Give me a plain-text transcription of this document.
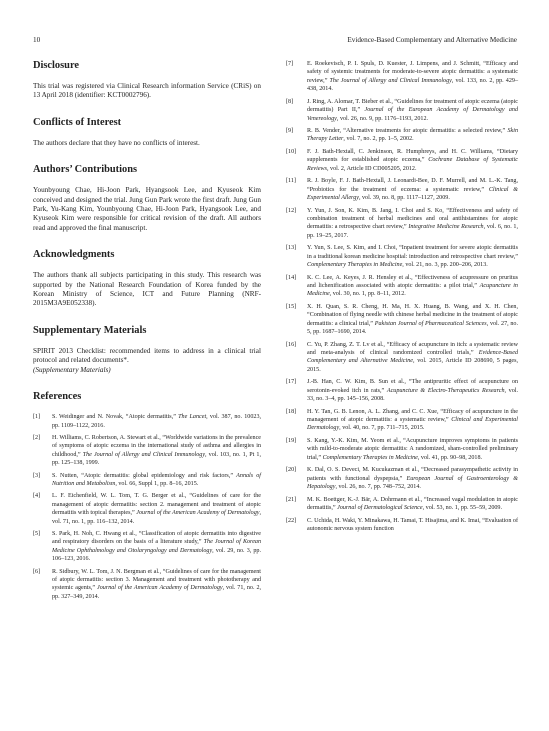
10	Evidence-Based Complementary and Alternative Medicine
Disclosure

This trial was registered via Clinical Research information Service (CRiS) on 13 April 2018 (identifier: KCT0002796).

Conflicts of Interest

The authors declare that they have no conflicts of interest.

Authors’ Contributions

Younbyoung Chae, Hi-Joon Park, Hyangsook Lee, and Kyuseok Kim conceived and designed the trial. Jung Gun Park wrote the first draft. Jung Gun Park, Yu-Kang Kim, Younbyoung Chae, Hi-Joon Park, Hyangsook Lee, and Kyuseok Kim were responsible for critical revision of the draft. All authors read and approved the final manuscript.

Acknowledgments

The authors thank all subjects participating in this study. This research was supported by the National Research Foundation of Korea funded by the Korean Ministry of Science, ICT and Future Planning (NRF-2015M3A9E052338).

Supplementary Materials

SPIRIT 2013 Checklist: recommended items to address in a clinical trial protocol and related documents*.
(Supplementary Materials)

References

[1] S. Weidinger and N. Novak, “Atopic dermatitis,” The Lancet, vol. 387, no. 10023, pp. 1109–1122, 2016.

[2] H. Williams, C. Robertson, A. Stewart et al., “Worldwide variations in the prevalence of symptoms of atopic eczema in the international study of asthma and allergies in childhood,” The Journal of Allergy and Clinical Immunology, vol. 103, no. 1, Pt 1, pp. 125–138, 1999.

[3] S. Nutten, “Atopic dermatitis: global epidemiology and risk factors,” Annals of Nutrition and Metabolism, vol. 66, Suppl 1, pp. 8–16, 2015.

[4] L. F. Eichenfield, W. L. Tom, T. G. Berger et al., “Guidelines of care for the management of atopic dermatitis: section 2. management and treatment of atopic dermatitis with topical therapies,” Journal of the American Academy of Dermatology, vol. 71, no. 1, pp. 116–132, 2014.

[5] S. Park, H. Noh, C. Hwang et al., “Classification of atopic dermatitis into digestive and respiratory disorders on the basis of a literature study,” The Journal of Korean Medicine Ophthalmology and Otolaryngology and Dermatology, vol. 29, no. 3, pp. 106–123, 2016.

[6] R. Sidbury, W. L. Tom, J. N. Bergman et al., “Guidelines of care for the management of atopic dermatitis: section 3. Management and treatment with phototherapy and systemic agents,” Journal of the American Academy of Dermatology, vol. 71, no. 2, pp. 327–349, 2014.

[7] E. Roekevisch, P. I. Spuls, D. Kuester, J. Limpens, and J. Schmitt, “Efficacy and safety of systemic treatments for moderate-to-severe atopic dermatitis: a systematic review,” The Journal of Allergy and Clinical Immunology, vol. 133, no. 2, pp. 429–438, 2014.

[8] J. Ring, A. Alomar, T. Bieber et al., “Guidelines for treatment of atopic eczema (atopic dermatitis) Part II,” Journal of the European Academy of Dermatology and Venereology, vol. 26, no. 9, pp. 1176–1193, 2012.

[9] R. B. Vender, “Alternative treatments for atopic dermatitis: a selected review,” Skin Therapy Letter, vol. 7, no. 2, pp. 1–5, 2002.

[10] F. J. Bath-Hextall, C. Jenkinson, R. Humphreys, and H. C. Williams, “Dietary supplements for established atopic eczema,” Cochrane Database of Systematic Reviews, vol. 2, Article ID CD005205, 2012.

[11] R. J. Boyle, F. J. Bath-Hextall, J. Leonardi-Bee, D. F. Murrell, and M. L.-K. Tang, “Probiotics for the treatment of eczema: a systematic review,” Clinical & Experimental Allergy, vol. 39, no. 8, pp. 1117–1127, 2009.

[12] Y. Yun, J. Son, K. Kim, B. Jang, I. Choi and S. Ko, “Effectiveness and safety of combination treatment of herbal medicines and oral antihistamines for atopic dermatitis: a retrospective chart review,” Integrative Medicine Research, vol. 6, no. 1, pp. 19–25, 2017.

[13] Y. Yun, S. Lee, S. Kim, and I. Choi, “Inpatient treatment for severe atopic dermatitis in a traditional korean medicine hospital: introduction and retrospective chart review,” Complementary Therapies in Medicine, vol. 21, no. 3, pp. 200–206, 2013.

[14] K. C. Lee, A. Keyes, J. R. Hensley et al., “Effectiveness of acupressure on pruritus and lichenification associated with atopic dermatitis: a pilot trial,” Acupuncture in Medicine, vol. 30, no. 1, pp. 8–11, 2012.

[15] X. H. Quan, S. R. Cheng, H. Ma, H. X. Huang, B. Wang, and X. H. Chen, “Combination of flying needle with chinese herbal medicine in the treatment of atopic dermatitis: a clinical trial,” Pakistan Journal of Pharmaceutical Sciences, vol. 27, no. 5, pp. 1687–1690, 2014.

[16] C. Yu, P. Zhang, Z. T. Lv et al., “Efficacy of acupuncture in itch: a systematic review and meta-analysis of clinical randomized controlled trials,” Evidence-Based Complementary and Alternative Medicine, vol. 2015, Article ID 208690, 5 pages, 2015.

[17] J.-B. Han, C. W. Kim, B. Sun et al., “The antipruritic effect of acupuncture on serotonin-evoked itch in rats,” Acupuncture & Electro-Therapeutics Research, vol. 33, no. 3–4, pp. 145–156, 2008.

[18] H. Y. Tan, G. B. Lenon, A. L. Zhang, and C. C. Xue, “Efficacy of acupuncture in the management of atopic dermatitis: a systematic review,” Clinical and Experimental Dermatology, vol. 40, no. 7, pp. 711–715, 2015.

[19] S. Kang, Y.-K. Kim, M. Yeom et al., “Acupuncture improves symptoms in patients with mild-to-moderate atopic dermatitis: A randomized, sham-controlled preliminary trial,” Complementary Therapies in Medicine, vol. 41, pp. 90–98, 2018.

[20] K. Dal, O. S. Deveci, M. Kucukazman et al., “Decreased parasympathetic activity in patients with functional dyspepsia,” European Journal of Gastroenterology & Hepatology, vol. 26, no. 7, pp. 748–752, 2014.

[21] M. K. Boettger, K.-J. Bär, A. Dohrmann et al., “Increased vagal modulation in atopic dermatitis,” Journal of Dermatological Science, vol. 53, no. 1, pp. 55–59, 2009.

[22] C. Uchida, H. Waki, Y. Minakawa, H. Tamai, T. Hisajima, and K. Imai, “Evaluation of autonomic nervous system function
